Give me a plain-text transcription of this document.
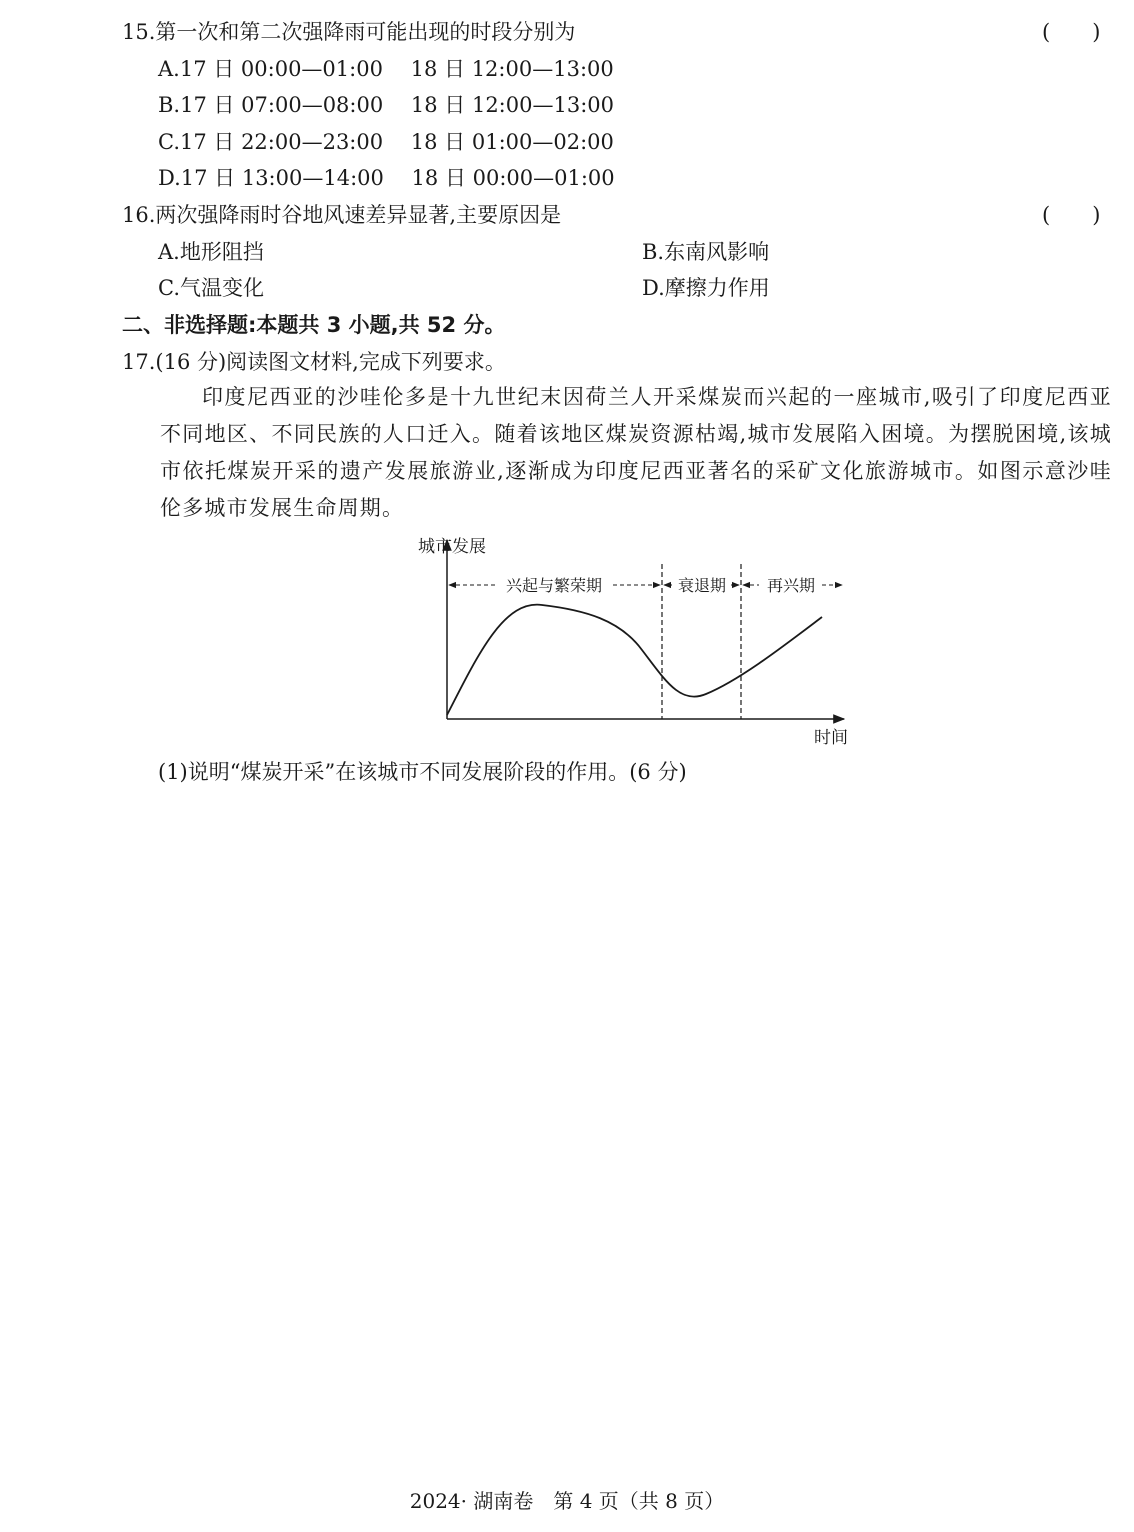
15.第一次和第二次强降雨可能出现的时段分别为	(　　)
A.17 日 00:00—01:00　 18 日 12:00—13:00
B.17 日 07:00—08:00　 18 日 12:00—13:00
C.17 日 22:00—23:00　 18 日 01:00—02:00
D.17 日 13:00—14:00　 18 日 00:00—01:00
16.两次强降雨时谷地风速差异显著,主要原因是	(　　)
A.地形阻挡	B.东南风影响
C.气温变化	D.摩擦力作用
二、非选择题:本题共 3 小题,共 52 分。
17.(16 分)阅读图文材料,完成下列要求。
印度尼西亚的沙哇伦多是十九世纪末因荷兰人开采煤炭而兴起的一座城市,吸引了印度尼西亚不同地区、不同民族的人口迁入。随着该地区煤炭资源枯竭,城市发展陷入困境。为摆脱困境,该城市依托煤炭开采的遗产发展旅游业,逐渐成为印度尼西亚著名的采矿文化旅游城市。如图示意沙哇伦多城市发展生命周期。
城市发展
时间
兴起与繁荣期	衰退期	再兴期
(1)说明“煤炭开采”在该城市不同发展阶段的作用。(6 分)
2024· 湖南卷　第 4 页（共 8 页）
